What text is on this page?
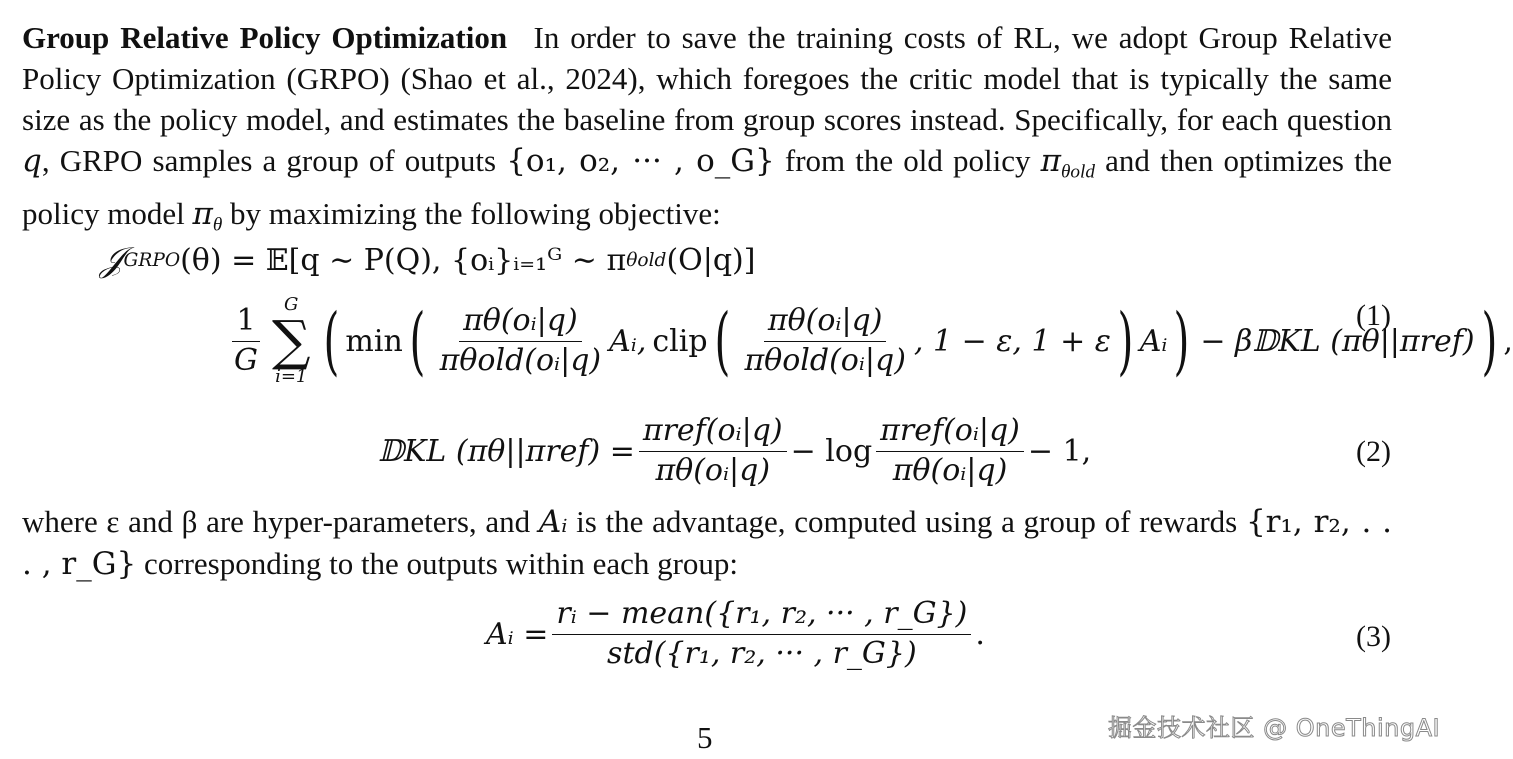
Group Relative Policy Optimization In order to save the training costs of RL, we adopt Group Relative Policy Optimization (GRPO) (Shao et al., 2024), which foregoes the critic model that is typically the same size as the policy model, and estimates the baseline from group scores instead. Specifically, for each question q, GRPO samples a group of outputs {o₁, o₂, ··· , o_G} from the old policy $\pi_{\theta old}$ and then optimizes the policy model $\pi_\theta$ by maximizing the following objective:

𝒥 GRPO (θ) = 𝔼[q ∼ P(Q), {oᵢ}ᵢ₌₁ᴳ ∼ π θold (O|q)]
$\frac{1}{G}$ G
∑
i=1 ( min ( $\frac{\text{πθ(oᵢ|q)}}{\text{πθold(oᵢ|q)}}$ Aᵢ, clip ( $\frac{\text{πθ(oᵢ|q)}}{\text{πθold(oᵢ|q)}}$ , 1 − ε, 1 + ε ) Aᵢ ) − β𝔻KL (πθ||πref) ) ,
(1)
𝔻KL $(\pi\theta||\pi ref) = \frac{\text{πref(oᵢ|q)}}{\text{πθ(oᵢ|q)}} - \log \frac{\text{πref(oᵢ|q)}}{\text{πθ(oᵢ|q)}} - 1$,	(2)

where ε and β are hyper-parameters, and Aᵢ is the advantage, computed using a group of rewards {r₁, r₂, . . . , r_G} corresponding to the outputs within each group:

Aᵢ = $\frac{\text{rᵢ − mean(\{r₁, r₂, ··· , r\_G\})}}{\text{std(\{r₁, r₂, ··· , r\_G\})}}$ .	(3)
5	掘金技术社区 @ OneThingAI
